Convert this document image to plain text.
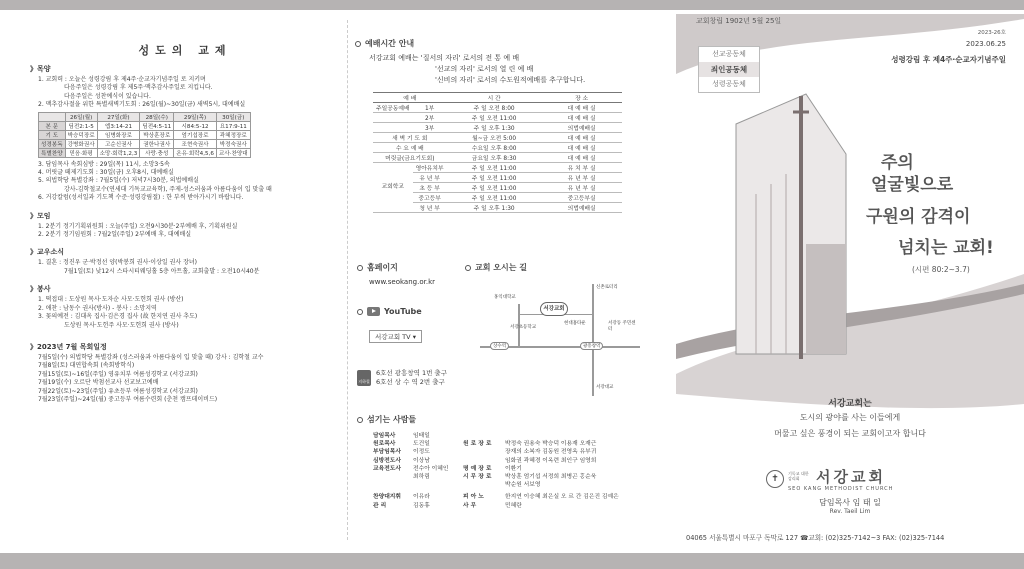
성도의 교제
》목양
1. 교회력 : 오늘은 성령강림 후 제4주·순교자기념주일 로 지키며
다음주일은 성령강림 후 제5주·맥추감사주일로 지킵니다.
다음주일은 성찬예식이 있습니다.
2. 맥추감사절을 위한 특별새벽기도회 : 26일(월)~30일(금) 새벽5시, 대예배실
	26일(월)	27일(화)	28일(수)	29일(목)	30일(금)
본 문	딤전2:1-5	엡3:14-21	딤전4:5-11	시84:5-12	요17:9-11
기 도	박승덕장로	임병화장로	박상훈장로	엄기섭장로	곽혜정장로
성경봉독	강병화권사	고순신권사	권한나권사	조현숙권사	박정숙권사
특별찬양	믿음·화평	소망·회락1,2,3	사랑·충성	온유·회락4,5,6	교사·찬양대
3. 담임목사 속회심방 : 29일(목) 11시, 소망3·5속
4. 머릿글 떼제기도회 : 30일(금) 오후8시, 대예배실
5. 의법학당 특별강좌 : 7월5일(수) 저녁7시30분, 의법예배실
강사-김학철교수(연세대 기독교교육학), 주제-성스러움과 아름다움이 입 맞출 때
6. 거강칼럼(성서일과 기도책 수준·성령강림절) : 한 부씩 받아가시기 바랍니다.
》모임
1. 2분기 정기기획위원회 : 오늘(주일) 오전9시30분·2부예배 후, 기획위원실
2. 2분기 정기임원회 : 7월2일(주일) 2부예배 후, 대예배실
》교우소식
1. 결혼 : 정진우 군·박정선 양(박봉희 권사·이상일 권사 장녀)
7월1일(토) 낮12시 스타시티웨딩홀 5층 아트홀, 교회출발 : 오전10시40분
》봉사
1. 떡접대 : 도상원 목사·도자순 사모·도헌희 권사 (방산)
2. 애찬 : 남동수 권사(방사) - 봉사 : 소망지역
3. 꽃의예전 : 김대옥 집사·김은경 집사 (故 한지연 권사 추도)
도상원 목사·도헌주 사모·도헌희 권사 (방사)
》2023년 7월 목회일정
7월5일(수) 의법학당 특별강좌 (성스러움과 아름다움이 입 맞출 때) 강사 : 김학철 교수
7월8일(토) 대연합속회 (속회방학식)
7월15일(토)~16일(주일) 영유치부 여름성경학교 (서강교회)
7월19일(수) 오르단 박첨선교사 선교보고예배
7월22일(토)~23일(주일) 유초등부 여름성경학교 (서강교회)
7월23일(주일)~24일(월) 중고등부 여름수련회 (춘천 캠프데이비드)
예배시간 안내
서강교회 예배는 '질서의 자리' 로서의 전 통 예 배
'선교의 자리' 로서의 열 린 예 배
'신비의 자리' 로서의 수도원적예배를 추구합니다.
예 배		시 간	장 소
주일공동예배	1부	주 일 오전 8:00	대 예 배 실
	2부	주 일 오전 11:00	대 예 배 실
	3부	주 일 오후 1:30	의법예배실
새 벽 기 도 회		월~금 오전 5:00	대 예 배 실
수 요 예 배		수요일 오후 8:00	대 예 배 실
머릿글(금요기도회)		금요일 오후 8:30	대 예 배 실
교회학교	영아유치부	주 일 오전 11:00	유 치 부 실
	유 년 부	주 일 오전 11:00	유 년 부 실
	초 등 부	주 일 오전 11:00	유 년 부 실
	중고등부	주 일 오전 11:00	중고등부실
	청 년 부	주 일 오후 1:30	의법예배실
홈페이지
www.seokang.or.kr
YouTube
서강교회 TV ▾
지하철
6호선 광흥창역 1번 출구
6호선 상 수 역 2번 출구
교회 오시는 길
서강교회
홍익대학교
신촌로터리
서강초등학교
현대홈타운	서강동 주민센터
상수역	광흥창역
서강대교
섬기는 사람들
담임목사	임태일		
원로목사	도건일	원 로 장 로	박정숙 권용숙 박승덕 이용재 오재근
부담임목사	이정도		장재의 소복자 김동원 전영옥 유부귀
심방전도사	이상남		임화권 곽혜경 이옥련 최인구 임영희
교육전도사	전수아 이혜인	명 예 장 로	이환기
	최하림	시 무 장 로	박상훈 엄기섭 서정희 최병곤 홍순욱
			박순원 서보영
찬양대지휘	이유라	피 아 노	한지연 이승혜 최은실 오 르 간 김은진 김예은
관 리	김동휴	사 무	민혜란
교회창립 1902년 5월 25일
2023-26호
2023.06.25
성령강림 후 제4주·순교자기념주일
선교공동체
죄인공동체
성령공동체
주의
얼굴빛으로
구원의 감격이
넘치는 교회!
(시편 80:2~3.7)
서강교회는
도시의 광야를 사는 이들에게
머물고 싶은 풍경이 되는 교회이고자 합니다
✝
기독교 대한감리회	서강교회
SEO KANG METHODIST CHURCH
담임목사 임 태 일
Rev. Taeil Lim
04065 서울특별시 마포구 독막로 127 ☎교회: (02)325-7142~3 FAX: (02)325-7144
